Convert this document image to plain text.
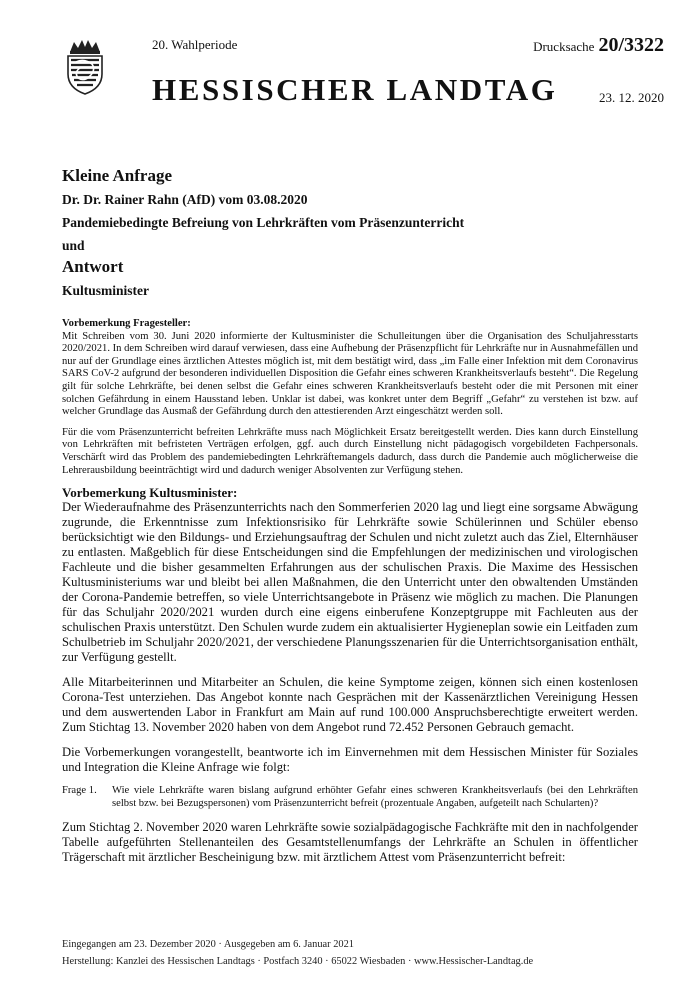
20. Wahlperiode	Drucksache 20/3322
HESSISCHER LANDTAG	23. 12. 2020
Kleine Anfrage
Dr. Dr. Rainer Rahn (AfD) vom 03.08.2020
Pandemiebedingte Befreiung von Lehrkräften vom Präsenzunterricht
und
Antwort
Kultusminister

Vorbemerkung Fragesteller:

Mit Schreiben vom 30. Juni 2020 informierte der Kultusminister die Schulleitungen über die Organisation des Schuljahresstarts 2020/2021. In dem Schreiben wird darauf verwiesen, dass eine Aufhebung der Präsenzpflicht für Lehrkräfte nur in Ausnahmefällen und nur auf der Grundlage eines ärztlichen Attestes möglich ist, mit dem bestätigt wird, dass „im Falle einer Infektion mit dem Coronavirus SARS CoV-2 aufgrund der besonderen individuellen Disposition die Gefahr eines schweren Krankheitsverlaufs besteht“. Die Regelung gilt für solche Lehrkräfte, bei denen selbst die Gefahr eines schweren Krankheitsverlaufs besteht oder die mit Personen mit einer solchen Gefährdung in einem Hausstand leben. Unklar ist dabei, was konkret unter dem Begriff „Gefahr“ zu verstehen ist bzw. auf welcher Grundlage das Ausmaß der Gefährdung durch den attestierenden Arzt eingeschätzt werden soll.

Für die vom Präsenzunterricht befreiten Lehrkräfte muss nach Möglichkeit Ersatz bereitgestellt werden. Dies kann durch Einstellung von Lehrkräften mit befristeten Verträgen erfolgen, ggf. auch durch Einstellung nicht pädagogisch vorgebildeten Fachpersonals. Verschärft wird das Problem des pandemiebedingten Lehrkräftemangels dadurch, dass durch die Pandemie auch möglicherweise die Lehrerausbildung beeinträchtigt wird und dadurch weniger Absolventen zur Verfügung stehen.

Vorbemerkung Kultusminister:

Der Wiederaufnahme des Präsenzunterrichts nach den Sommerferien 2020 lag und liegt eine sorgsame Abwägung zugrunde, die Erkenntnisse zum Infektionsrisiko für Lehrkräfte sowie Schülerinnen und Schüler ebenso berücksichtigt wie den Bildungs- und Erziehungsauftrag der Schulen und nicht zuletzt auch das Ziel, Elternhäuser zu entlasten. Maßgeblich für diese Entscheidungen sind die Empfehlungen der medizinischen und virologischen Fachleute und die bisher gesammelten Erfahrungen aus der schulischen Praxis. Die Maxime des Hessischen Kultusministeriums war und bleibt bei allen Maßnahmen, die den Unterricht unter den obwaltenden Umständen der Corona-Pandemie betreffen, so viele Unterrichtsangebote in Präsenz wie möglich zu machen. Die Planungen für das Schuljahr 2020/2021 wurden durch eine eigens einberufene Konzeptgruppe mit Fachleuten aus der schulischen Praxis unterstützt. Den Schulen wurde zudem ein aktualisierter Hygieneplan sowie ein Leitfaden zum Schulbetrieb im Schuljahr 2020/2021, der verschiedene Planungsszenarien für die Unterrichtsorganisation enthält, zur Verfügung gestellt.

Alle Mitarbeiterinnen und Mitarbeiter an Schulen, die keine Symptome zeigen, können sich einen kostenlosen Corona-Test unterziehen. Das Angebot konnte nach Gesprächen mit der Kassenärztlichen Vereinigung Hessen und dem auswertenden Labor in Frankfurt am Main auf rund 100.000 Anspruchsberechtigte erweitert werden. Zum Stichtag 13. November 2020 haben von dem Angebot rund 72.452 Personen Gebrauch gemacht.

Die Vorbemerkungen vorangestellt, beantworte ich im Einvernehmen mit dem Hessischen Minister für Soziales und Integration die Kleine Anfrage wie folgt:

Frage 1.	Wie viele Lehrkräfte waren bislang aufgrund erhöhter Gefahr eines schweren Krankheitsverlaufs (bei den Lehrkräften selbst bzw. bei Bezugspersonen) vom Präsenzunterricht befreit (prozentuale Angaben, aufgeteilt nach Schularten)?

Zum Stichtag 2. November 2020 waren Lehrkräfte sowie sozialpädagogische Fachkräfte mit den in nachfolgender Tabelle aufgeführten Stellenanteilen des Gesamtstellenumfangs der Lehrkräfte an Schulen in öffentlicher Trägerschaft mit ärztlicher Bescheinigung bzw. mit ärztlichem Attest vom Präsenzunterricht befreit:

Eingegangen am 23. Dezember 2020 · Ausgegeben am 6. Januar 2021
Herstellung: Kanzlei des Hessischen Landtags · Postfach 3240 · 65022 Wiesbaden · www.Hessischer-Landtag.de
